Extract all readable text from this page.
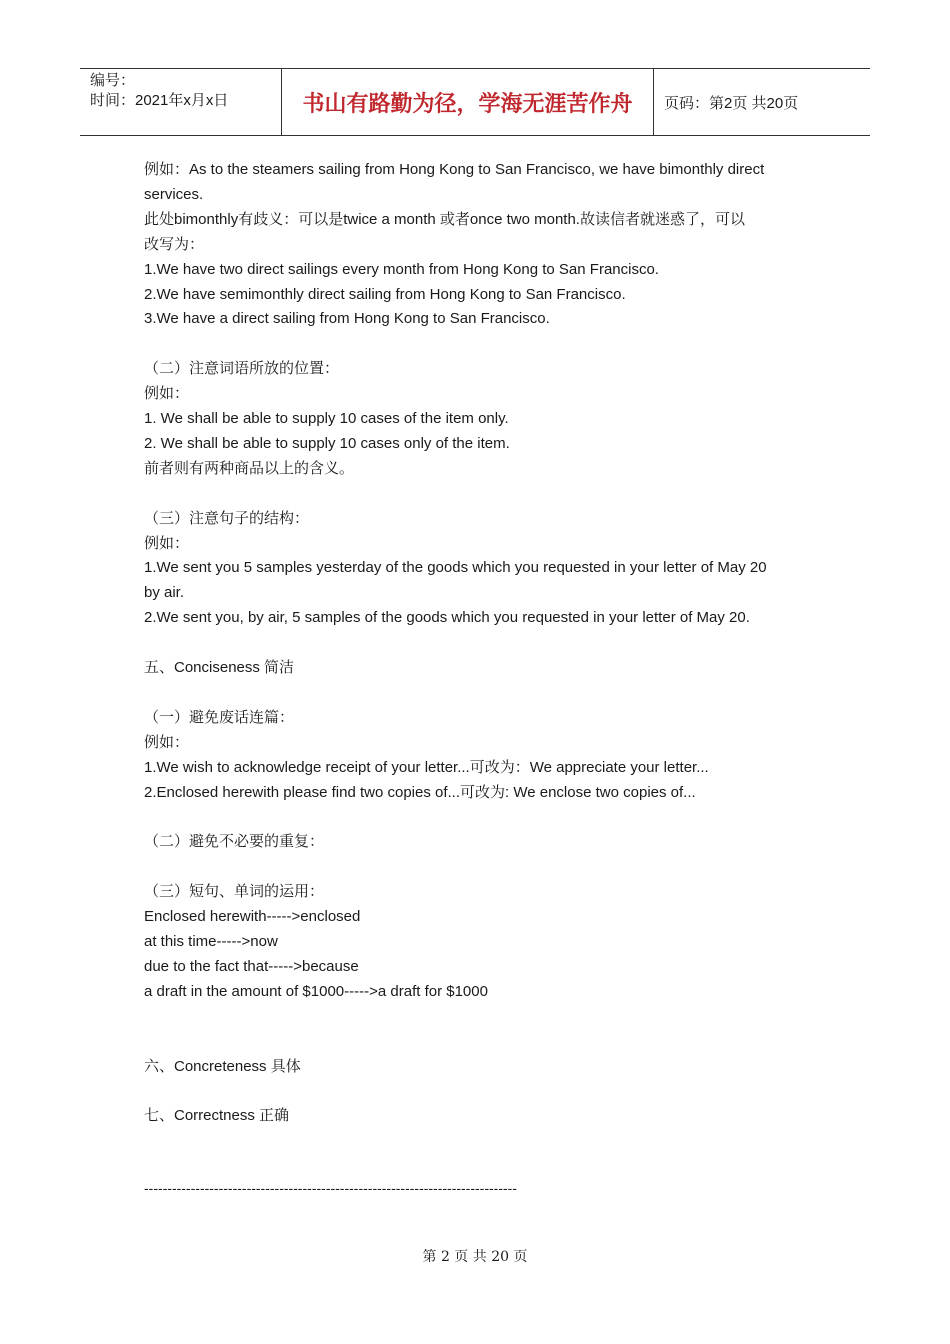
编号：
时间：2021年x月x日	书山有路勤为径，学海无涯苦作舟	页码：第2页 共20页
例如：As to the steamers sailing from Hong Kong to San Francisco, we have bimonthly direct
services.
此处bimonthly有歧义：可以是twice a month 或者once two month.故读信者就迷惑了，可以
改写为：
1.We have two direct sailings every month from Hong Kong to San Francisco.
2.We have semimonthly direct sailing from Hong Kong to San Francisco.
3.We have a direct sailing from Hong Kong to San Francisco.
（二）注意词语所放的位置：
例如：
1. We shall be able to supply 10 cases of the item only.
2. We shall be able to supply 10 cases only of the item.
前者则有两种商品以上的含义。
（三）注意句子的结构：
例如：
1.We sent you 5 samples yesterday of the goods which you requested in your letter of May 20
by air.
2.We sent you, by air, 5 samples of the goods which you requested in your letter of May 20.
五、Conciseness 简洁
（一）避免废话连篇：
例如：
1.We wish to acknowledge receipt of your letter...可改为：We appreciate your letter...
2.Enclosed herewith please find two copies of...可改为: We enclose two copies of...
（二）避免不必要的重复：
（三）短句、单词的运用：
Enclosed herewith----->enclosed
at this time----->now
due to the fact that----->because
a draft in the amount of $1000----->a draft for $1000
六、Concreteness 具体
七、Correctness 正确
--------------------------------------------------------------------------------
第 2 页 共 20 页
